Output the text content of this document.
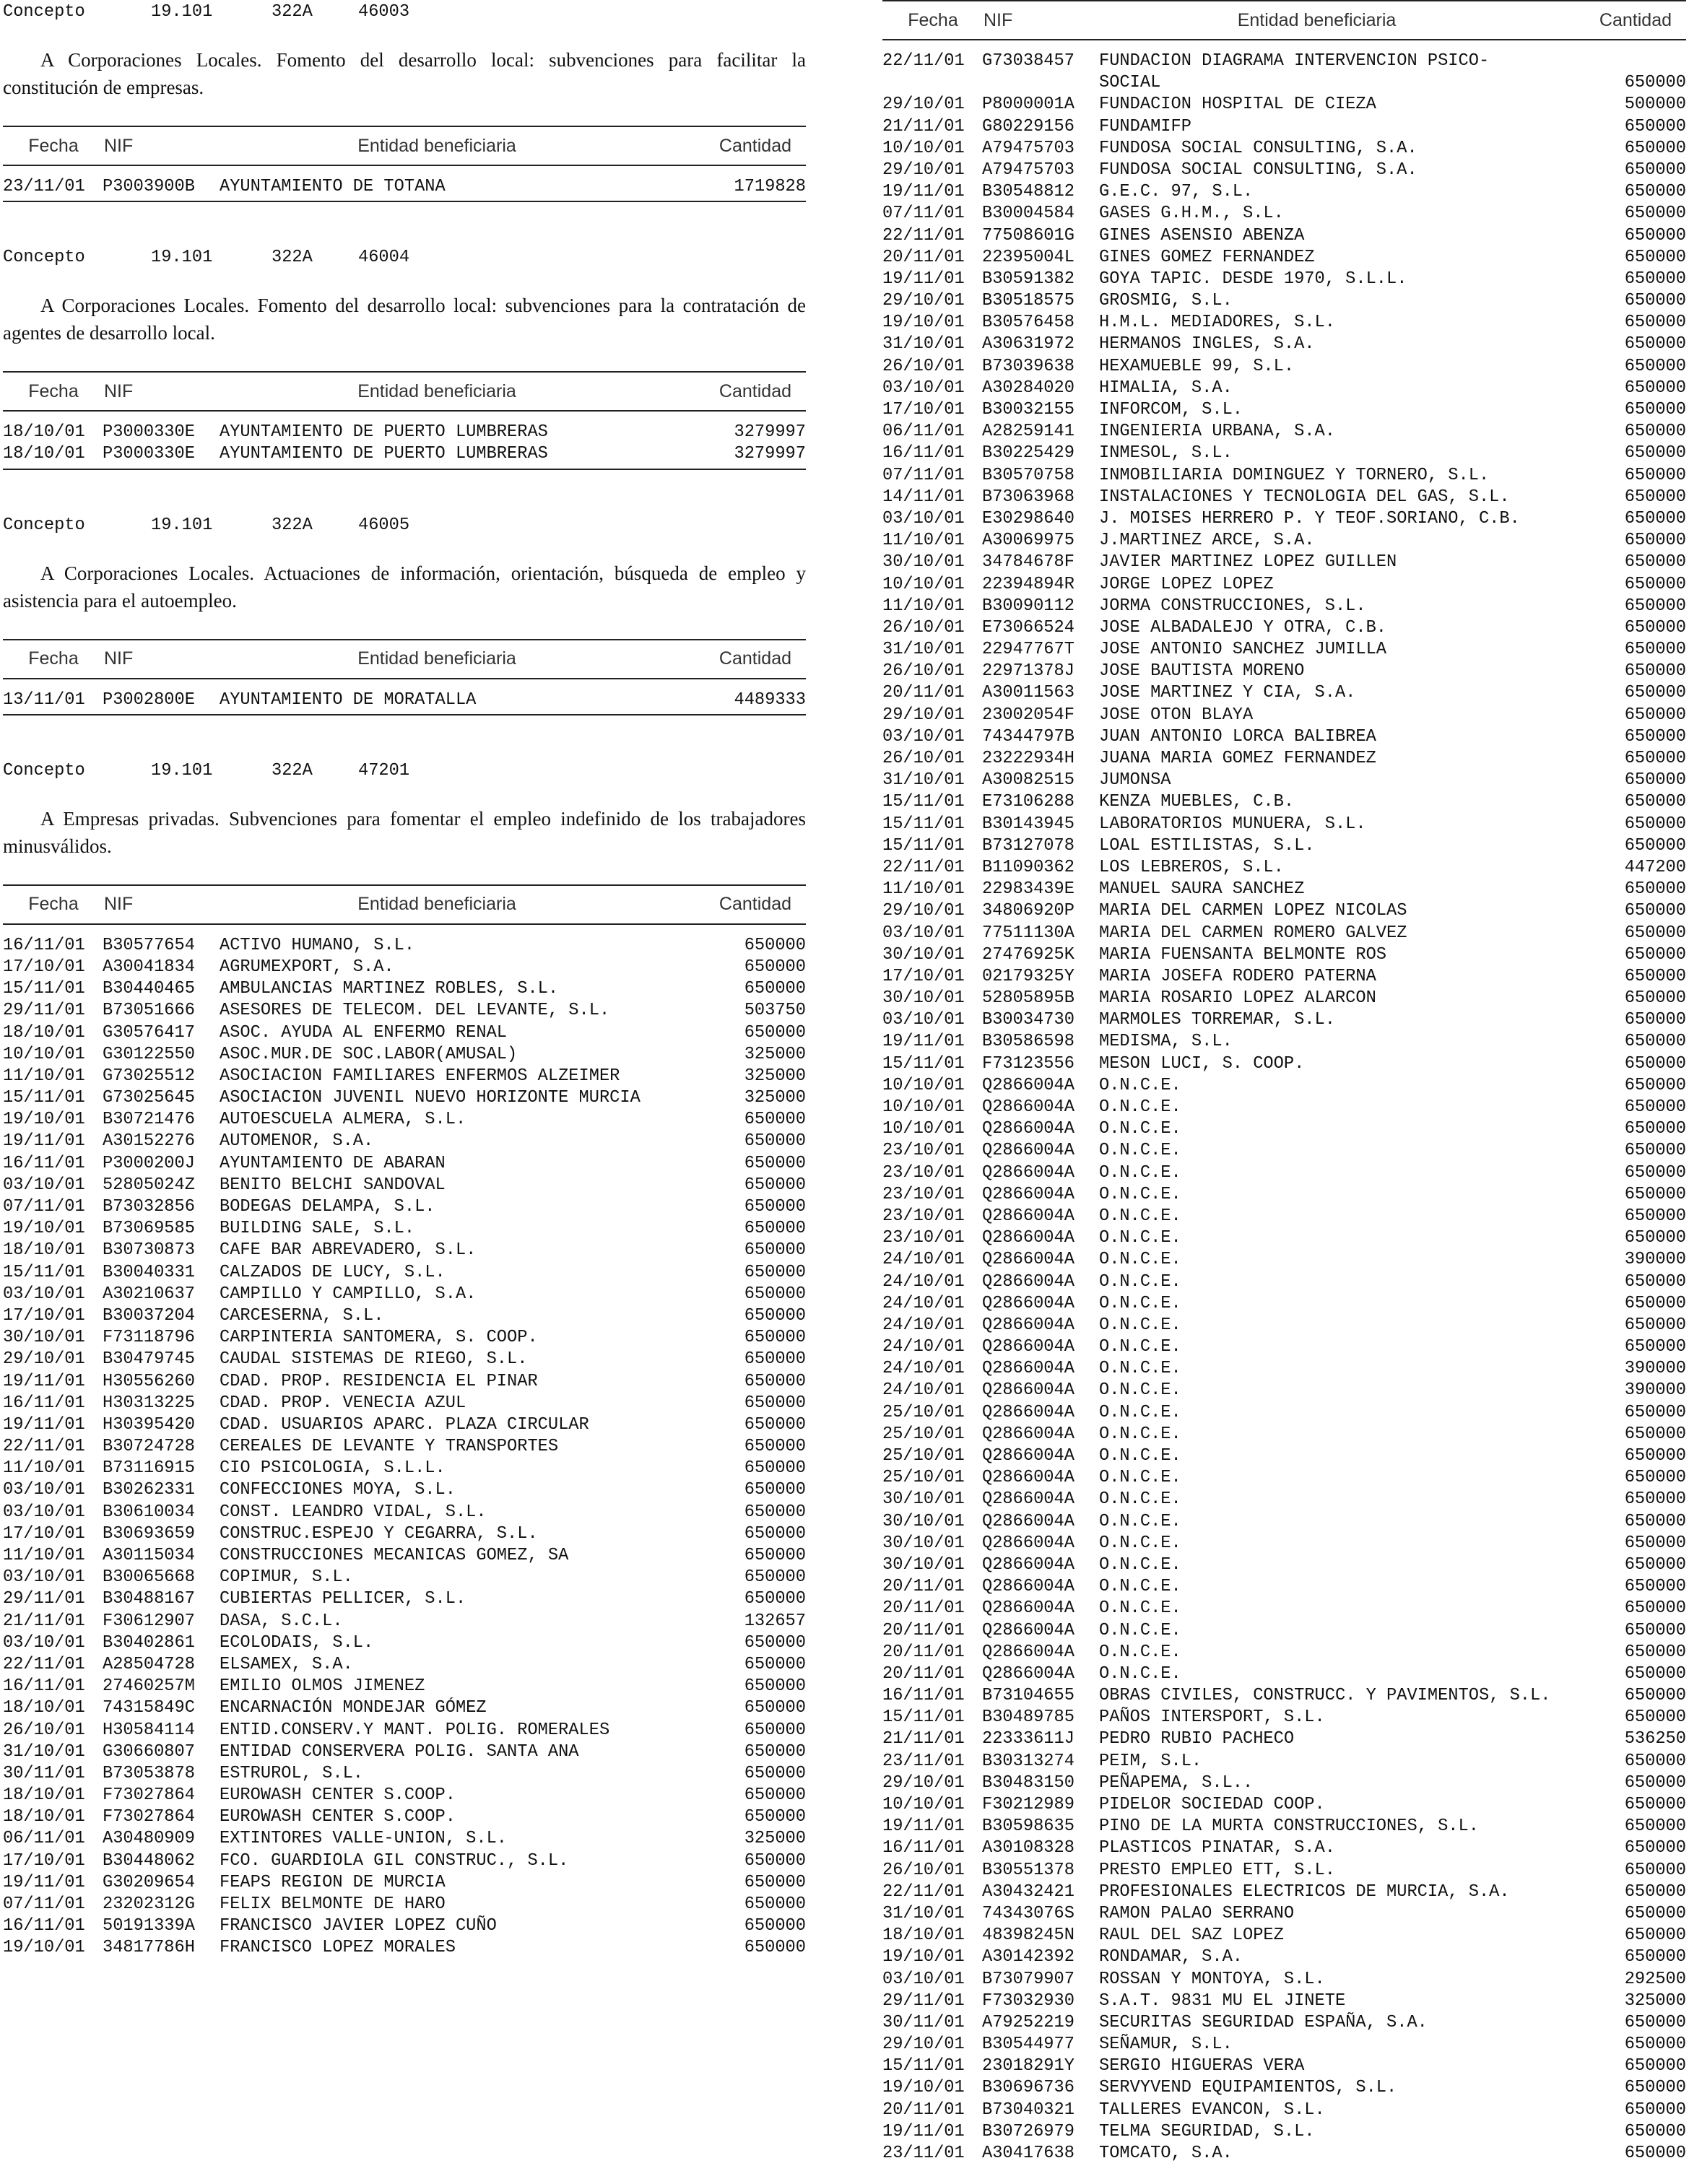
Concepto	19.101	322A	46003

A Corporaciones Locales. Fomento del desarrollo local: subvenciones para facilitar la constitución de empresas.

Fecha	NIF	Entidad beneficiaria	Cantidad
23/11/01	P3003900B	AYUNTAMIENTO DE TOTANA	1719828
Concepto	19.101	322A	46004

A Corporaciones Locales. Fomento del desarrollo local: subvenciones para la contratación de agentes de desarrollo local.

Fecha	NIF	Entidad beneficiaria	Cantidad
18/10/01	P3000330E	AYUNTAMIENTO DE PUERTO LUMBRERAS	3279997
18/10/01	P3000330E	AYUNTAMIENTO DE PUERTO LUMBRERAS	3279997
Concepto	19.101	322A	46005

A Corporaciones Locales. Actuaciones de información, orientación, búsqueda de empleo y asistencia para el autoempleo.

Fecha	NIF	Entidad beneficiaria	Cantidad
13/11/01	P3002800E	AYUNTAMIENTO DE MORATALLA	4489333
Concepto	19.101	322A	47201

A Empresas privadas. Subvenciones para fomentar el empleo indefinido de los trabajadores minusválidos.

Fecha	NIF	Entidad beneficiaria	Cantidad
16/11/01	B30577654	ACTIVO HUMANO, S.L.	650000
17/10/01	A30041834	AGRUMEXPORT, S.A.	650000
15/11/01	B30440465	AMBULANCIAS MARTINEZ ROBLES, S.L.	650000
29/11/01	B73051666	ASESORES DE TELECOM. DEL LEVANTE, S.L.	503750
18/10/01	G30576417	ASOC. AYUDA AL ENFERMO RENAL	650000
10/10/01	G30122550	ASOC.MUR.DE SOC.LABOR(AMUSAL)	325000
11/10/01	G73025512	ASOCIACION FAMILIARES ENFERMOS ALZEIMER	325000
15/11/01	G73025645	ASOCIACION JUVENIL NUEVO HORIZONTE MURCIA	325000
19/10/01	B30721476	AUTOESCUELA ALMERA, S.L.	650000
19/11/01	A30152276	AUTOMENOR, S.A.	650000
16/11/01	P3000200J	AYUNTAMIENTO DE ABARAN	650000
03/10/01	52805024Z	BENITO BELCHI SANDOVAL	650000
07/11/01	B73032856	BODEGAS DELAMPA, S.L.	650000
19/10/01	B73069585	BUILDING SALE, S.L.	650000
18/10/01	B30730873	CAFE BAR ABREVADERO, S.L.	650000
15/11/01	B30040331	CALZADOS DE LUCY, S.L.	650000
03/10/01	A30210637	CAMPILLO Y CAMPILLO, S.A.	650000
17/10/01	B30037204	CARCESERNA, S.L.	650000
30/10/01	F73118796	CARPINTERIA SANTOMERA, S. COOP.	650000
29/10/01	B30479745	CAUDAL SISTEMAS DE RIEGO, S.L.	650000
19/11/01	H30556260	CDAD. PROP. RESIDENCIA EL PINAR	650000
16/11/01	H30313225	CDAD. PROP. VENECIA AZUL	650000
19/11/01	H30395420	CDAD. USUARIOS APARC. PLAZA CIRCULAR	650000
22/11/01	B30724728	CEREALES DE LEVANTE Y TRANSPORTES	650000
11/10/01	B73116915	CIO PSICOLOGIA, S.L.L.	650000
03/10/01	B30262331	CONFECCIONES MOYA, S.L.	650000
03/10/01	B30610034	CONST. LEANDRO VIDAL, S.L.	650000
17/10/01	B30693659	CONSTRUC.ESPEJO Y CEGARRA, S.L.	650000
11/10/01	A30115034	CONSTRUCCIONES MECANICAS GOMEZ, SA	650000
03/10/01	B30065668	COPIMUR, S.L.	650000
29/11/01	B30488167	CUBIERTAS PELLICER, S.L.	650000
21/11/01	F30612907	DASA, S.C.L.	132657
03/10/01	B30402861	ECOLODAIS, S.L.	650000
22/11/01	A28504728	ELSAMEX, S.A.	650000
16/11/01	27460257M	EMILIO OLMOS JIMENEZ	650000
18/10/01	74315849C	ENCARNACIÓN MONDEJAR GÓMEZ	650000
26/10/01	H30584114	ENTID.CONSERV.Y MANT. POLIG. ROMERALES	650000
31/10/01	G30660807	ENTIDAD CONSERVERA POLIG. SANTA ANA	650000
30/11/01	B73053878	ESTRUROL, S.L.	650000
18/10/01	F73027864	EUROWASH CENTER S.COOP.	650000
18/10/01	F73027864	EUROWASH CENTER S.COOP.	650000
06/11/01	A30480909	EXTINTORES VALLE-UNION, S.L.	325000
17/10/01	B30448062	FCO. GUARDIOLA GIL CONSTRUC., S.L.	650000
19/11/01	G30209654	FEAPS REGION DE MURCIA	650000
07/11/01	23202312G	FELIX BELMONTE DE HARO	650000
16/11/01	50191339A	FRANCISCO JAVIER LOPEZ CUÑO	650000
19/10/01	34817786H	FRANCISCO LOPEZ MORALES	650000
Fecha	NIF	Entidad beneficiaria	Cantidad
22/11/01	G73038457	FUNDACION DIAGRAMA INTERVENCION PSICO-
SOCIAL	650000
29/10/01	P8000001A	FUNDACION HOSPITAL DE CIEZA	500000
21/11/01	G80229156	FUNDAMIFP	650000
10/10/01	A79475703	FUNDOSA SOCIAL CONSULTING, S.A.	650000
29/10/01	A79475703	FUNDOSA SOCIAL CONSULTING, S.A.	650000
19/11/01	B30548812	G.E.C. 97, S.L.	650000
07/11/01	B30004584	GASES G.H.M., S.L.	650000
22/11/01	77508601G	GINES ASENSIO ABENZA	650000
20/11/01	22395004L	GINES GOMEZ FERNANDEZ	650000
19/11/01	B30591382	GOYA TAPIC. DESDE 1970, S.L.L.	650000
29/10/01	B30518575	GROSMIG, S.L.	650000
19/10/01	B30576458	H.M.L. MEDIADORES, S.L.	650000
31/10/01	A30631972	HERMANOS INGLES, S.A.	650000
26/10/01	B73039638	HEXAMUEBLE 99, S.L.	650000
03/10/01	A30284020	HIMALIA, S.A.	650000
17/10/01	B30032155	INFORCOM, S.L.	650000
06/11/01	A28259141	INGENIERIA URBANA, S.A.	650000
16/11/01	B30225429	INMESOL, S.L.	650000
07/11/01	B30570758	INMOBILIARIA DOMINGUEZ Y TORNERO, S.L.	650000
14/11/01	B73063968	INSTALACIONES Y TECNOLOGIA DEL GAS, S.L.	650000
03/10/01	E30298640	J. MOISES HERRERO P. Y TEOF.SORIANO, C.B.	650000
11/10/01	A30069975	J.MARTINEZ ARCE, S.A.	650000
30/10/01	34784678F	JAVIER MARTINEZ LOPEZ GUILLEN	650000
10/10/01	22394894R	JORGE LOPEZ LOPEZ	650000
11/10/01	B30090112	JORMA CONSTRUCCIONES, S.L.	650000
26/10/01	E73066524	JOSE ALBADALEJO Y OTRA, C.B.	650000
31/10/01	22947767T	JOSE ANTONIO SANCHEZ JUMILLA	650000
26/10/01	22971378J	JOSE BAUTISTA MORENO	650000
20/11/01	A30011563	JOSE MARTINEZ Y CIA, S.A.	650000
29/10/01	23002054F	JOSE OTON BLAYA	650000
03/10/01	74344797B	JUAN ANTONIO LORCA BALIBREA	650000
26/10/01	23222934H	JUANA MARIA GOMEZ FERNANDEZ	650000
31/10/01	A30082515	JUMONSA	650000
15/11/01	E73106288	KENZA MUEBLES, C.B.	650000
15/11/01	B30143945	LABORATORIOS MUNUERA, S.L.	650000
15/11/01	B73127078	LOAL ESTILISTAS, S.L.	650000
22/11/01	B11090362	LOS LEBREROS, S.L.	447200
11/10/01	22983439E	MANUEL SAURA SANCHEZ	650000
29/10/01	34806920P	MARIA DEL CARMEN LOPEZ NICOLAS	650000
03/10/01	77511130A	MARIA DEL CARMEN ROMERO GALVEZ	650000
30/10/01	27476925K	MARIA FUENSANTA BELMONTE ROS	650000
17/10/01	02179325Y	MARIA JOSEFA RODERO PATERNA	650000
30/10/01	52805895B	MARIA ROSARIO LOPEZ ALARCON	650000
03/10/01	B30034730	MARMOLES TORREMAR, S.L.	650000
19/11/01	B30586598	MEDISMA, S.L.	650000
15/11/01	F73123556	MESON LUCI, S. COOP.	650000
10/10/01	Q2866004A	O.N.C.E.	650000
10/10/01	Q2866004A	O.N.C.E.	650000
10/10/01	Q2866004A	O.N.C.E.	650000
23/10/01	Q2866004A	O.N.C.E.	650000
23/10/01	Q2866004A	O.N.C.E.	650000
23/10/01	Q2866004A	O.N.C.E.	650000
23/10/01	Q2866004A	O.N.C.E.	650000
23/10/01	Q2866004A	O.N.C.E.	650000
24/10/01	Q2866004A	O.N.C.E.	390000
24/10/01	Q2866004A	O.N.C.E.	650000
24/10/01	Q2866004A	O.N.C.E.	650000
24/10/01	Q2866004A	O.N.C.E.	650000
24/10/01	Q2866004A	O.N.C.E.	650000
24/10/01	Q2866004A	O.N.C.E.	390000
24/10/01	Q2866004A	O.N.C.E.	390000
25/10/01	Q2866004A	O.N.C.E.	650000
25/10/01	Q2866004A	O.N.C.E.	650000
25/10/01	Q2866004A	O.N.C.E.	650000
25/10/01	Q2866004A	O.N.C.E.	650000
30/10/01	Q2866004A	O.N.C.E.	650000
30/10/01	Q2866004A	O.N.C.E.	650000
30/10/01	Q2866004A	O.N.C.E.	650000
30/10/01	Q2866004A	O.N.C.E.	650000
20/11/01	Q2866004A	O.N.C.E.	650000
20/11/01	Q2866004A	O.N.C.E.	650000
20/11/01	Q2866004A	O.N.C.E.	650000
20/11/01	Q2866004A	O.N.C.E.	650000
20/11/01	Q2866004A	O.N.C.E.	650000
16/11/01	B73104655	OBRAS CIVILES, CONSTRUCC. Y PAVIMENTOS, S.L.	650000
15/11/01	B30489785	PAÑOS INTERSPORT, S.L.	650000
21/11/01	22333611J	PEDRO RUBIO PACHECO	536250
23/11/01	B30313274	PEIM, S.L.	650000
29/10/01	B30483150	PEÑAPEMA, S.L..	650000
10/10/01	F30212989	PIDELOR SOCIEDAD COOP.	650000
19/11/01	B30598635	PINO DE LA MURTA CONSTRUCCIONES, S.L.	650000
16/11/01	A30108328	PLASTICOS PINATAR, S.A.	650000
26/10/01	B30551378	PRESTO EMPLEO ETT, S.L.	650000
22/11/01	A30432421	PROFESIONALES ELECTRICOS DE MURCIA, S.A.	650000
31/10/01	74343076S	RAMON PALAO SERRANO	650000
18/10/01	48398245N	RAUL DEL SAZ LOPEZ	650000
19/10/01	A30142392	RONDAMAR, S.A.	650000
03/10/01	B73079907	ROSSAN Y MONTOYA, S.L.	292500
29/11/01	F73032930	S.A.T. 9831 MU EL JINETE	325000
30/11/01	A79252219	SECURITAS SEGURIDAD ESPAÑA, S.A.	650000
29/10/01	B30544977	SEÑAMUR, S.L.	650000
15/11/01	23018291Y	SERGIO HIGUERAS VERA	650000
19/10/01	B30696736	SERVYVEND EQUIPAMIENTOS, S.L.	650000
20/11/01	B73040321	TALLERES EVANCON, S.L.	650000
19/11/01	B30726979	TELMA SEGURIDAD, S.L.	650000
23/11/01	A30417638	TOMCATO, S.A.	650000
